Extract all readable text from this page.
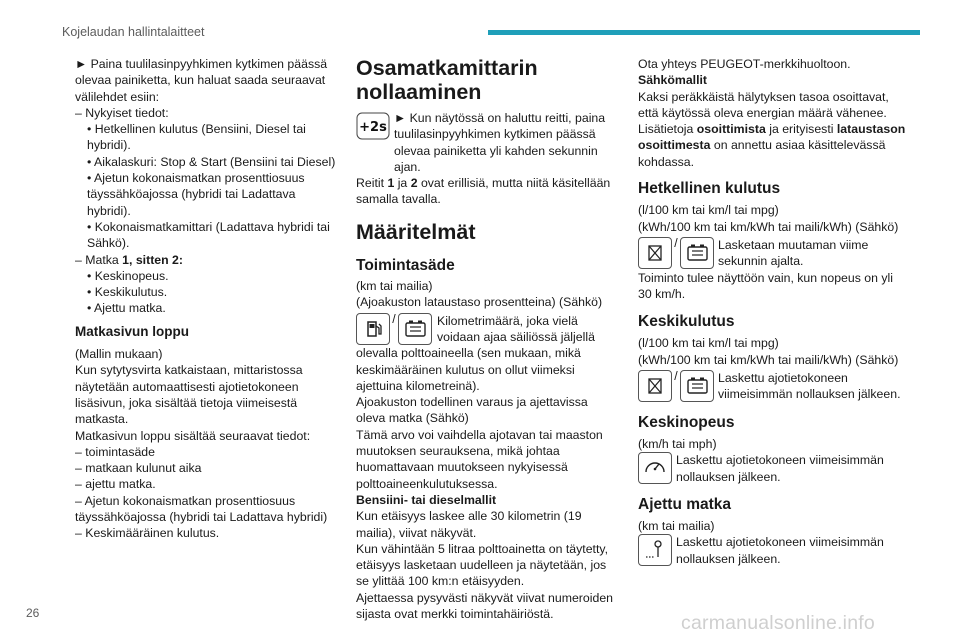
Kojelaudan hallintalaitteet

► Paina tuulilasinpyyhkimen kytkimen päässä olevaa painiketta, kun haluat saada seuraavat välilehdet esiin:

– Nykyiset tiedot:

• Hetkellinen kulutus (Bensiini, Diesel tai hybridi).

• Aikalaskuri: Stop & Start (Bensiini tai Diesel)

• Ajetun kokonaismatkan prosenttiosuus täyssähköajossa (hybridi tai Ladattava hybridi).

• Kokonaismatkamittari (Ladattava hybridi tai Sähkö).

– Matka 1, sitten 2:

• Keskinopeus.

• Keskikulutus.

• Ajettu matka.

Matkasivun loppu

(Mallin mukaan)

Kun sytytysvirta katkaistaan, mittaristossa näytetään automaattisesti ajotietokoneen lisäsivun, joka sisältää tietoja viimeisestä matkasta.

Matkasivun loppu sisältää seuraavat tiedot:

– toimintasäde

– matkaan kulunut aika

– ajettu matka.

– Ajetun kokonaismatkan prosenttiosuus täyssähköajossa (hybridi tai Ladattava hybridi)

– Keskimääräinen kulutus.

Osamatkamittarin

nollaaminen

+2s
► Kun näytössä on haluttu reitti, paina tuulilasinpyyhkimen kytkimen päässä olevaa painiketta yli kahden sekunnin ajan.

Reitit 1 ja 2 ovat erillisiä, mutta niitä käsitellään samalla tavalla.

Määritelmät

Toimintasäde

(km tai mailia)

(Ajoakuston lataustaso prosentteina) (Sähkö)

/	Kilometrimäärä, joka vielä voidaan ajaa säiliössä jäljellä olevalla polttoaineella (sen mukaan, mikä keskimääräinen kulutus on ollut viimeksi ajettuina kilometreinä).

Ajoakuston todellinen varaus ja ajettavissa oleva matka (Sähkö)

Tämä arvo voi vaihdella ajotavan tai maaston muutoksen seurauksena, mikä johtaa huomattavaan muutokseen nykyisessä polttoaineenkulutuksessa.

Bensiini- tai dieselmallit

Kun etäisyys laskee alle 30 kilometrin (19 mailia), viivat näkyvät.

Kun vähintään 5 litraa polttoainetta on täytetty, etäisyys lasketaan uudelleen ja näytetään, jos se ylittää 100 km:n etäisyyden.

Ajettaessa pysyvästi näkyvät viivat numeroiden sijasta ovat merkki toimintahäiriöstä.

Ota yhteys PEUGEOT-merkkihuoltoon.

Sähkömallit

Kaksi peräkkäistä hälytyksen tasoa osoittavat, että käytössä oleva energian määrä vähenee.

Lisätietoja osoittimista ja erityisesti lataustason osoittimesta on annettu asiaa käsittelevässä kohdassa.

Hetkellinen kulutus

(l/100 km tai km/l tai mpg)

(kWh/100 km tai km/kWh tai maili/kWh) (Sähkö)

/	Lasketaan muutaman viime sekunnin ajalta.

Toiminto tulee näyttöön vain, kun nopeus on yli 30 km/h.

Keskikulutus

(l/100 km tai km/l tai mpg)

(kWh/100 km tai km/kWh tai maili/kWh) (Sähkö)

/	Laskettu ajotietokoneen viimeisimmän nollauksen jälkeen.

Keskinopeus

(km/h tai mph)

Laskettu ajotietokoneen viimeisimmän nollauksen jälkeen.

Ajettu matka

(km tai mailia)

Laskettu ajotietokoneen viimeisimmän nollauksen jälkeen.
26	carmanualsonline.info
